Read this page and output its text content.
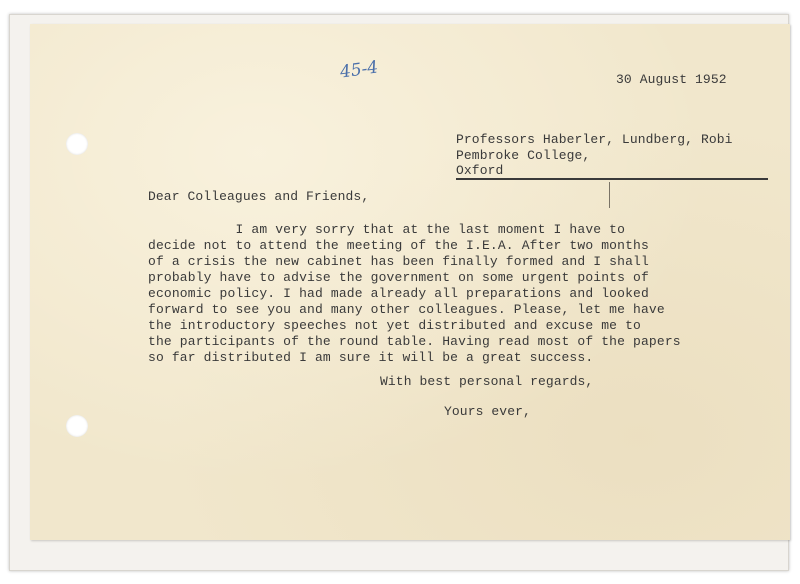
45-4	30 August 1952
Professors Haberler, Lundberg, Robi
Pembroke College,
Oxford
Dear Colleagues and Friends,
I am very sorry that at the last moment I have to
decide not to attend the meeting of the I.E.A. After two months
of a crisis the new cabinet has been finally formed and I shall
probably have to advise the government on some urgent points of
economic policy. I had made already all preparations and looked
forward to see you and many other colleagues. Please, let me have
the introductory speeches not yet distributed and excuse me to
the participants of the round table. Having read most of the papers
so far distributed I am sure it will be a great success.
With best personal regards,
Yours ever,
